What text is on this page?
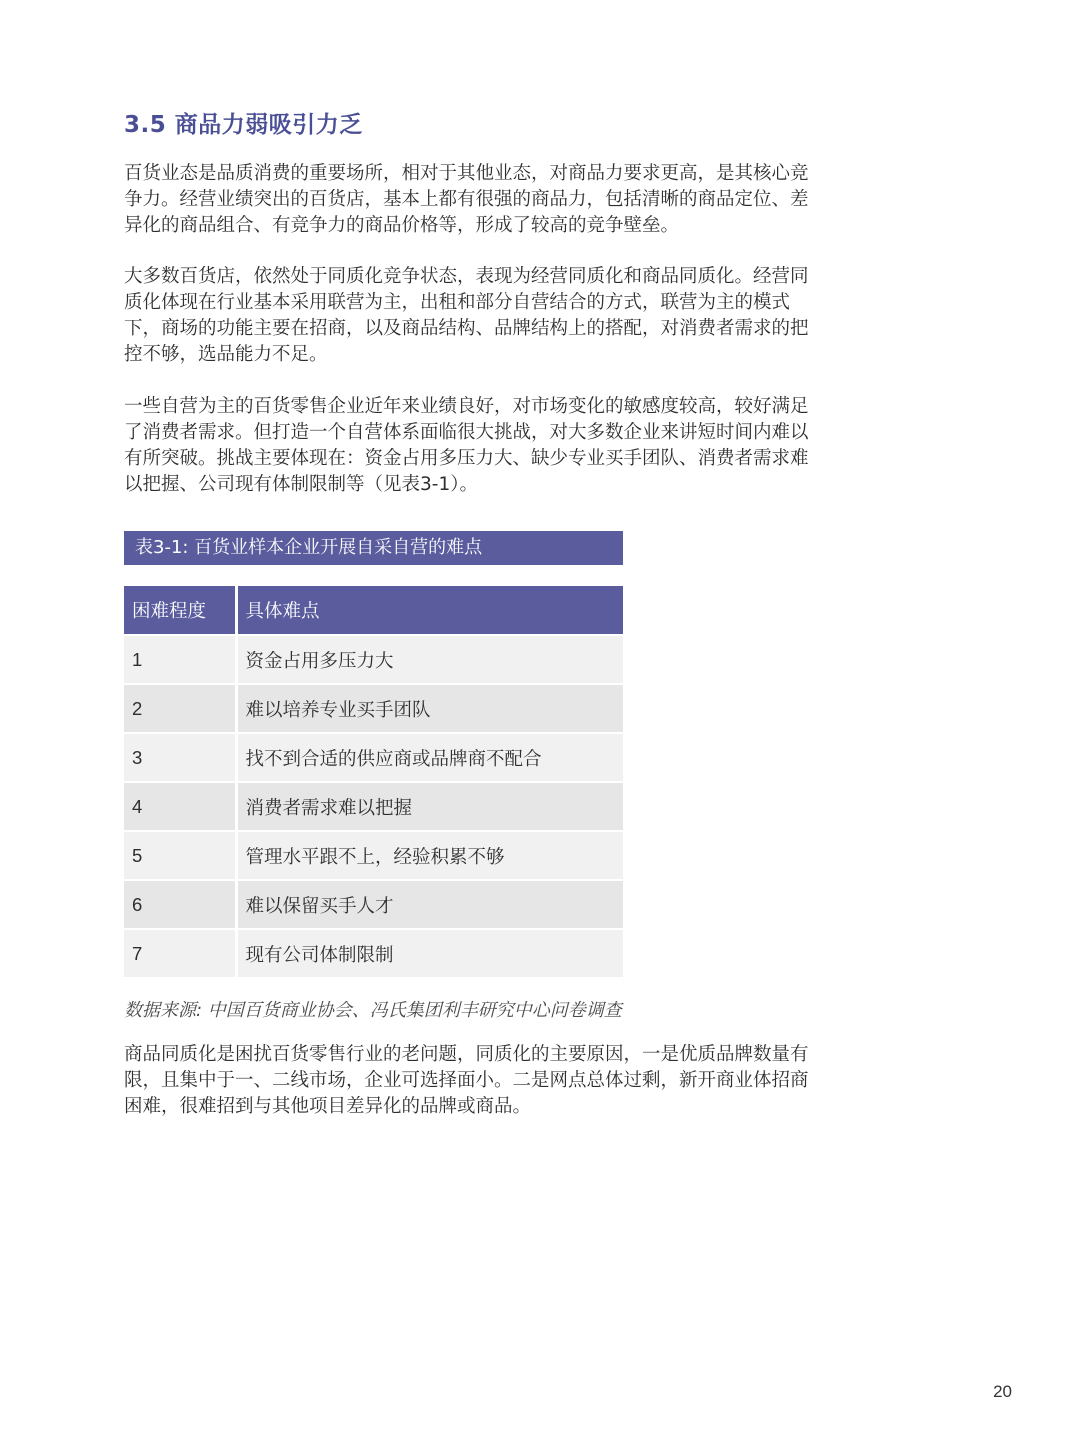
3.5 商品力弱吸引力乏

百货业态是品质消费的重要场所，相对于其他业态，对商品力要求更高，是其核心竞争力。经营业绩突出的百货店，基本上都有很强的商品力，包括清晰的商品定位、差异化的商品组合、有竞争力的商品价格等，形成了较高的竞争壁垒。

大多数百货店，依然处于同质化竞争状态，表现为经营同质化和商品同质化。经营同质化体现在行业基本采用联营为主，出租和部分自营结合的方式，联营为主的模式下，商场的功能主要在招商，以及商品结构、品牌结构上的搭配，对消费者需求的把控不够，选品能力不足。

一些自营为主的百货零售企业近年来业绩良好，对市场变化的敏感度较高，较好满足了消费者需求。但打造一个自营体系面临很大挑战，对大多数企业来讲短时间内难以有所突破。挑战主要体现在：资金占用多压力大、缺少专业买手团队、消费者需求难以把握、公司现有体制限制等（见表3-1）。

表3-1: 百货业样本企业开展自采自营的难点
困难程度	具体难点
1	资金占用多压力大
2	难以培养专业买手团队
3	找不到合适的供应商或品牌商不配合
4	消费者需求难以把握
5	管理水平跟不上，经验积累不够
6	难以保留买手人才
7	现有公司体制限制

数据来源: 中国百货商业协会、冯氏集团利丰研究中心问卷调查

商品同质化是困扰百货零售行业的老问题，同质化的主要原因，一是优质品牌数量有限，且集中于一、二线市场，企业可选择面小。二是网点总体过剩，新开商业体招商困难，很难招到与其他项目差异化的品牌或商品。

20
